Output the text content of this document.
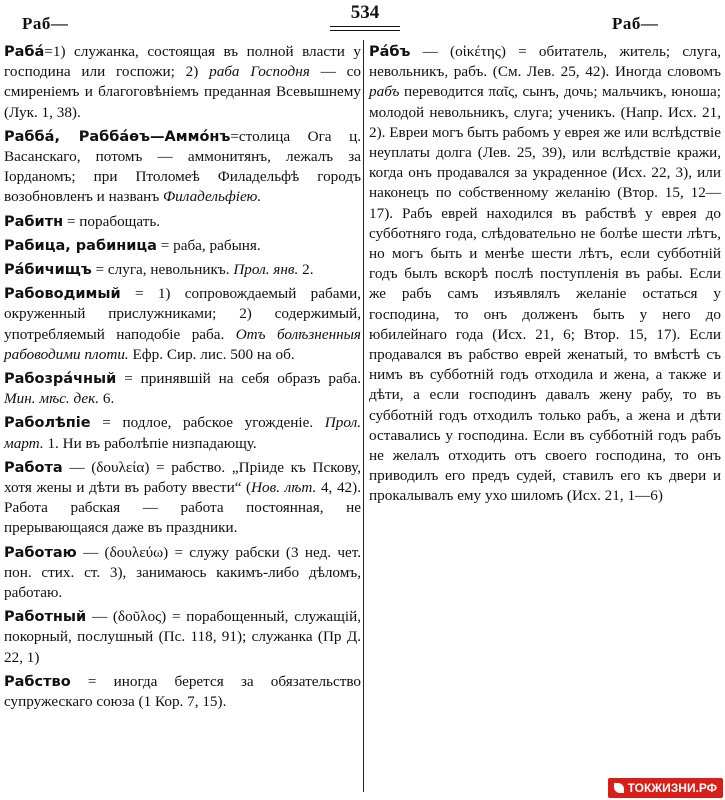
Раб—
534
Раб—

Рабá=1) служанка, состоящая въ полной власти у господина или госпожи; 2) раба Господня — со смиреніемъ и благоговѣніемъ преданная Всевышнему (Лук. 1, 38).

Раббá, Раббáѳъ—Аммóнъ=столица Ога ц. Васанскаго, потомъ — аммонитянъ, лежалъ за Іорданомъ; при Птоломеѣ Филадельфѣ городъ возобновленъ и названъ Филадельфіею.

Рабитн = порабощать.

Рабица, рабиница = раба, рабыня.

Рáбичищъ = слуга, невольникъ. Прол. янв. 2.

Рабоводимый = 1) сопровождаемый рабами, окруженный прислужниками; 2) содержимый, употребляемый наподобіе раба. Отъ болѣзненныя рабоводими плоти. Ефр. Сир. лис. 500 на об.

Рабозрáчный = принявшій на себя образъ раба. Мин. мѣс. дек. 6.

Раболѣпіе = подлое, рабское угожденіе. Прол. март. 1. Ни въ раболѣпіе низпадающу.

Работа — (δουλεία) = рабство. „Пріиде къ Пскову, хотя жены и дѣти въ работу ввести“ (Нов. лѣт. 4, 42). Работа рабская — работа постоянная, не прерывающаяся даже въ праздники.

Работаю — (δουλεύω) = служу рабски (3 нед. чет. пон. стих. ст. 3), занимаюсь какимъ-либо дѣломъ, работаю.

Работный — (δοῦλος) = порабощенный, служащій, покорный, послушный (Пс. 118, 91); служанка (Пр Д. 22, 1)

Рабство = иногда берется за обязательство супружескаго союза (1 Кор. 7, 15).

Рáбъ — (οἰκέτης) = обитатель, житель; слуга, невольникъ, рабъ. (См. Лев. 25, 42). Иногда словомъ рабъ переводится παῖς, сынъ, дочь; мальчикъ, юноша; молодой невольникъ, слуга; ученикъ. (Напр. Исх. 21, 2). Евреи могъ быть рабомъ у еврея же или вслѣдствіе неуплаты долга (Лев. 25, 39), или вслѣдствіе кражи, когда онъ продавался за украденное (Исх. 22, 3), или наконецъ по собственному желанію (Втор. 15, 12—17). Рабъ еврей находился въ рабствѣ у еврея до субботняго года, слѣдовательно не болѣе шести лѣтъ, но могъ быть и менѣе шести лѣтъ, если субботній годъ былъ вскорѣ послѣ поступленія въ рабы. Если же рабъ самъ изъявлялъ желаніе остаться у господина, то онъ долженъ быть у него до юбилейнаго года (Исх. 21, 6; Втор. 15, 17). Если продавался въ рабство еврей женатый, то вмѣстѣ съ нимъ въ субботній годъ отходила и жена, а также и дѣти, а если господинъ давалъ жену рабу, то въ субботній годъ отходилъ только рабъ, а жена и дѣти оставались у господина. Если въ субботній годъ рабъ не желалъ отходить отъ своего господина, то онъ приводилъ его предъ судей, ставилъ его къ двери и прокалывалъ ему ухо шиломъ (Исх. 21, 1—6)

ТОКЖИЗНИ.РФ
